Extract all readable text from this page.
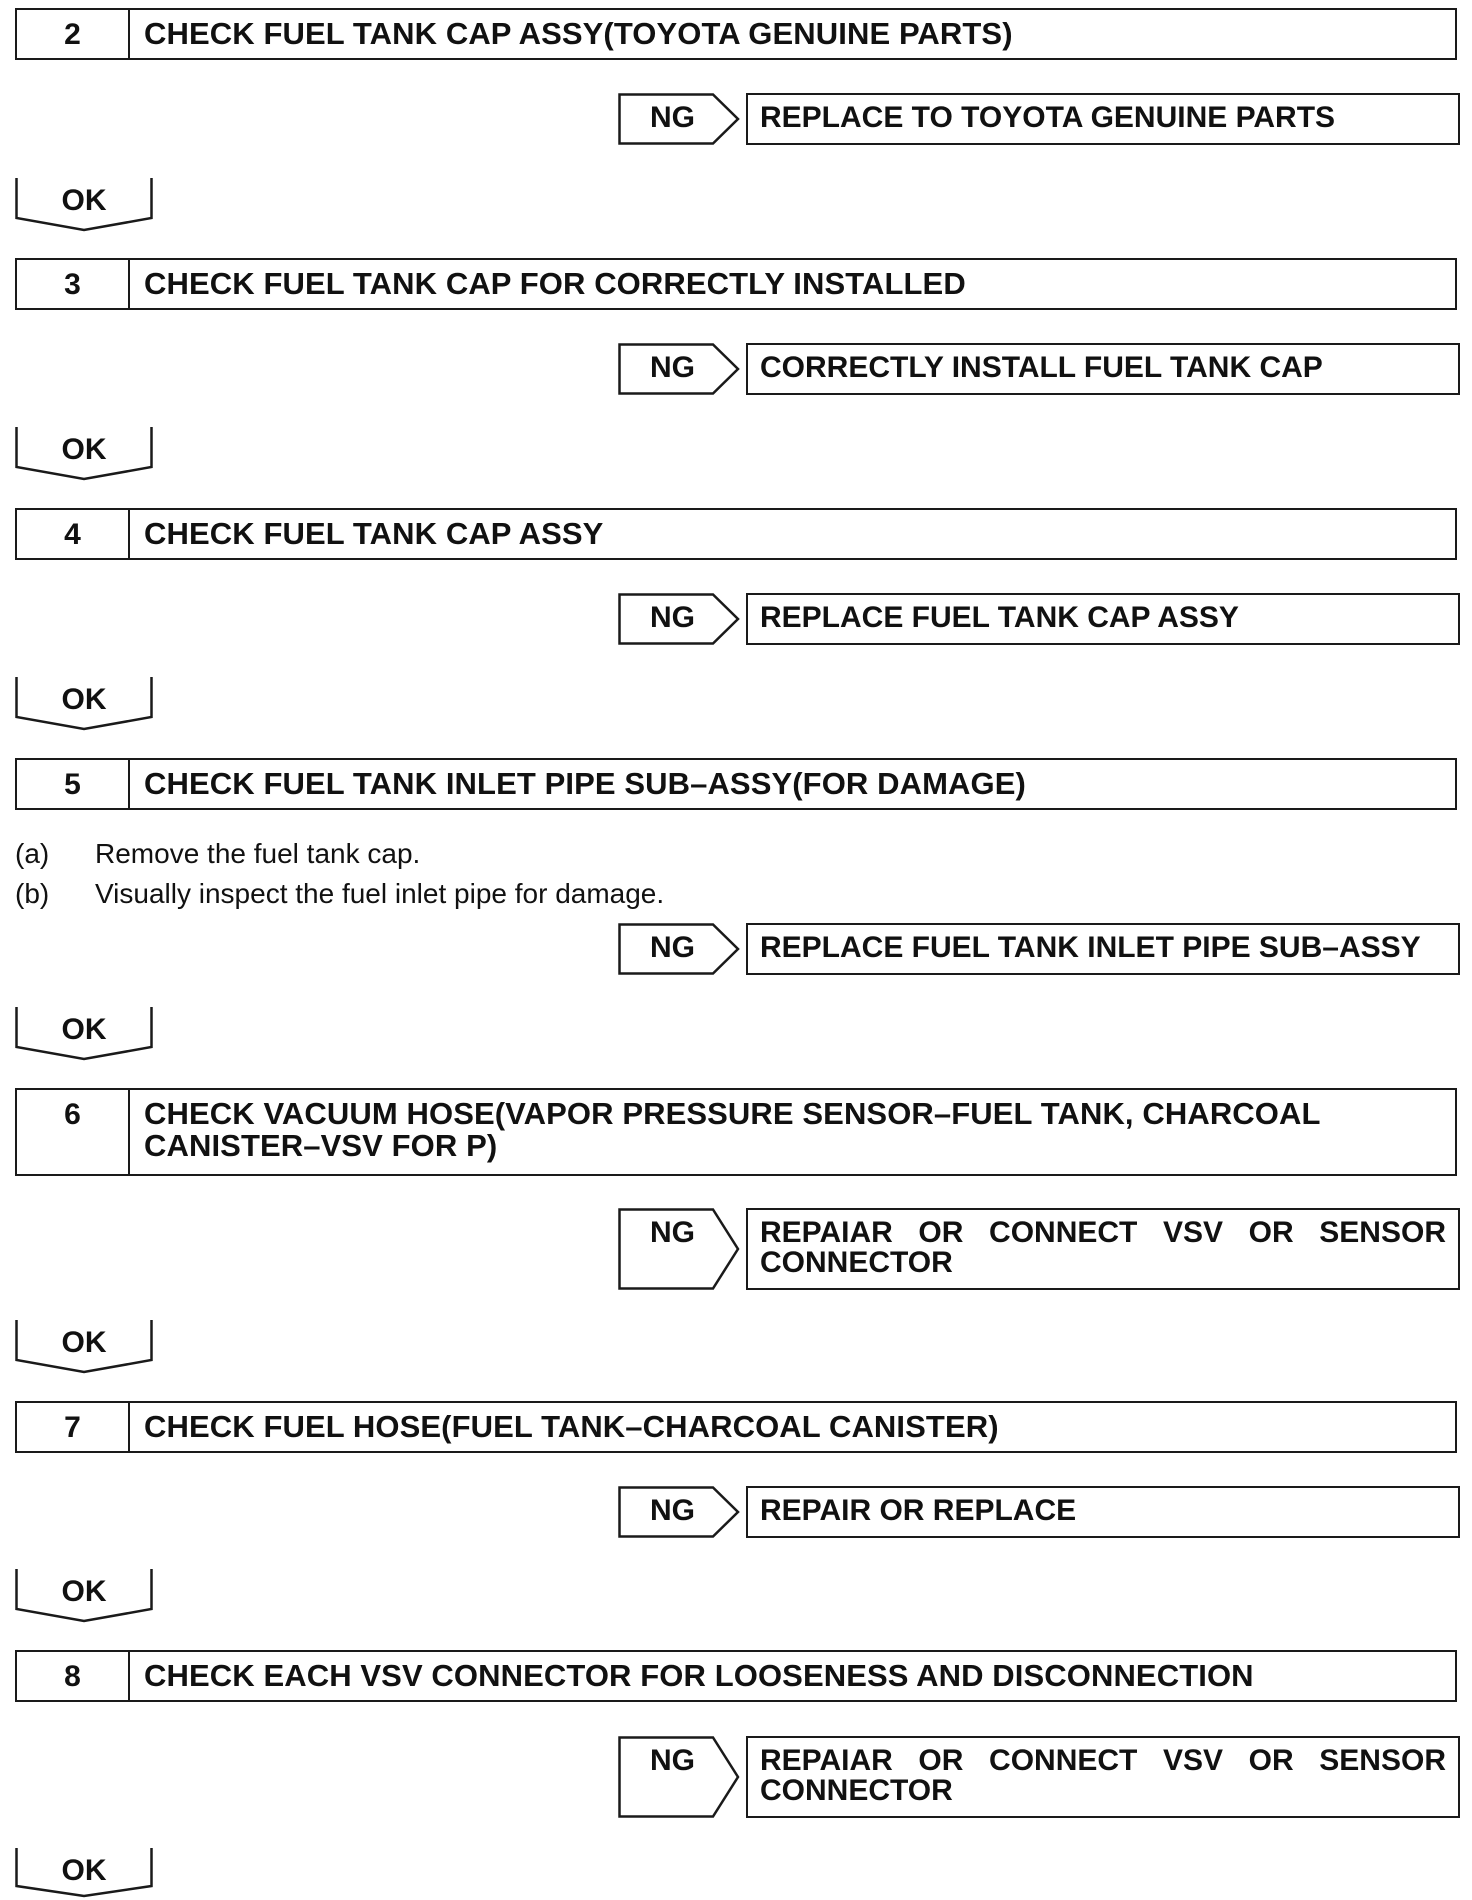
2	CHECK FUEL TANK CAP ASSY(TOYOTA GENUINE PARTS)
NG	REPLACE TO TOYOTA GENUINE PARTS
OK
3	CHECK FUEL TANK CAP FOR CORRECTLY INSTALLED
NG	CORRECTLY INSTALL FUEL TANK CAP
OK
4	CHECK FUEL TANK CAP ASSY
NG	REPLACE FUEL TANK CAP ASSY
OK
5	CHECK FUEL TANK INLET PIPE SUB–ASSY(FOR DAMAGE)
(a)	Remove the fuel tank cap.
(b)	Visually inspect the fuel inlet pipe for damage.
NG	REPLACE FUEL TANK INLET PIPE SUB–ASSY
OK
6	CHECK VACUUM HOSE(VAPOR PRESSURE SENSOR–FUEL TANK, CHARCOAL CANISTER–VSV FOR P)
NG	REPAIAR OR CONNECT VSV OR SENSOR CONNECTOR
OK
7	CHECK FUEL HOSE(FUEL TANK–CHARCOAL CANISTER)
NG	REPAIR OR REPLACE
OK
8	CHECK EACH VSV CONNECTOR FOR LOOSENESS AND DISCONNECTION
NG	REPAIAR OR CONNECT VSV OR SENSOR CONNECTOR
OK
